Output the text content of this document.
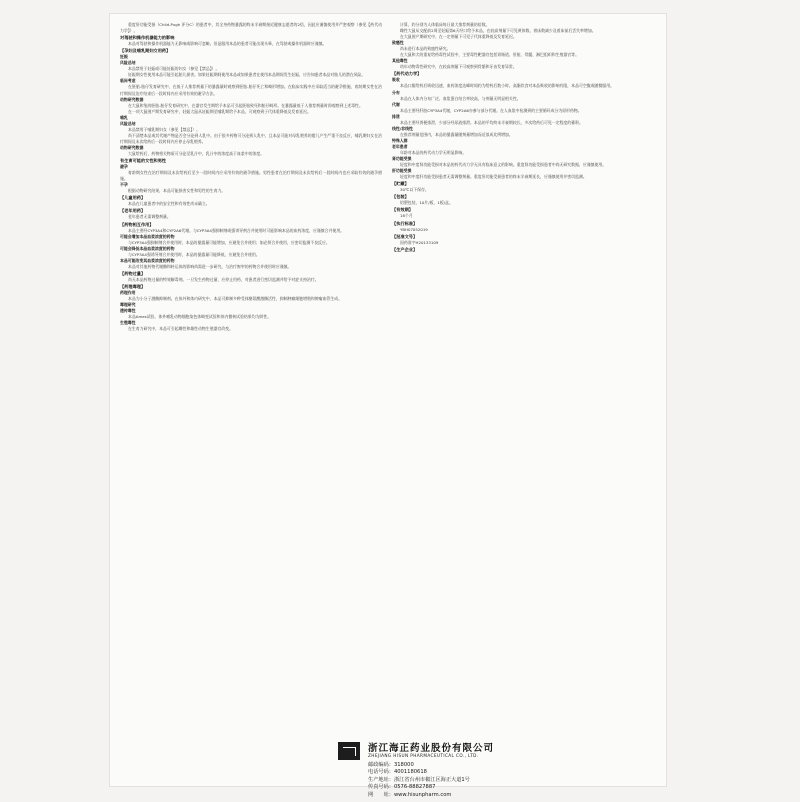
重度肝功能受损（Child-Pugh 评分C）的患者中，其全身药物暴露的终末半衰期接近健康志愿者的2倍，因此应谨慎使用并严密观察（参见【药代动力学】）。
对驾驶和操作机器能力的影响
本品对驾驶和操作机器能力无影响或影响可忽略。但是服用本品的患者可能出现头晕，在驾驶或操作机器时应谨慎。
【孕妇及哺乳期妇女用药】
妊娠
风险总结
本品禁用于妊娠或可能妊娠的妇女（参见【禁忌】）。
妊娠期女性使用本品可能引起胎儿损害。如果妊娠期间使用本品或如果患者在使用本品期间发生妊娠，应告知患者本品对胎儿的潜在风险。
临床考虑
在胚胎-胎仔发育研究中，在低于人推荐剂量下的暴露量时观察到胚胎-胎仔死亡和畸形增加。在临床实践中应采取适当的避孕措施，育龄期女性在治疗期间及治疗结束后一段时间内应采用有效的避孕方法。
动物研究数据
在大鼠和兔的胚胎-胎仔发育研究中，在器官发生期给予本品可引起胚胎致死和胎仔畸形。在暴露量低于人推荐剂量时即观察到上述毒性。
在一项大鼠围产期发育研究中，妊娠大鼠从妊娠期至哺乳期给予本品，可观察到子代体重降低及发育延迟。
哺乳
风险总结
本品禁用于哺乳期妇女（参见【禁忌】）。
尚不清楚本品或其代谢产物是否会分泌到人乳中。由于很多药物可分泌到人乳中，且本品可能对母乳喂养的婴儿产生严重不良反应，哺乳期妇女在治疗期间及末次给药后一段时间内应停止母乳喂养。
动物研究数据
大鼠给药后，药物相关物质可分泌至乳汁中，乳汁中的浓度高于血浆中的浓度。
有生育可能的女性和男性
避孕
育龄期女性在治疗期间及末次给药后至少一段时间内应采用有效的避孕措施。男性患者在治疗期间及末次给药后一段时间内也应采取有效的避孕措施。
不孕
根据动物研究结果，本品可能损害女性和男性的生育力。
【儿童用药】
本品在儿童患者中的安全性和有效性尚未确立。
【老年用药】
老年患者无需调整剂量。
【药物相互作用】
本品主要经CYP3A4和CYP2A6代谢。与CYP3A4强抑制剂或强诱导剂合并使用时可能影响本品的血药浓度，应谨慎合并使用。
可能会增加本品血浆浓度的药物
与CYP3A4强抑制剂合并使用时，本品的暴露量可能增加，应避免合并使用；如必须合并使用，应密切监测不良反应。
可能会降低本品血浆浓度的药物
与CYP3A4强诱导剂合并使用时，本品的暴露量可能降低，应避免合并使用。
本品可能改变其血浆浓度的药物
本品对其他药物代谢酶和转运体的影响尚需进一步研究，与治疗窗窄的药物合并使用时应谨慎。
【药物过量】
尚无本品药物过量的特效解毒剂。一旦发生药物过量，应停止用药，对患者进行密切监测并给予对症支持治疗。
【药理毒理】
药理作用
本品为小分子激酶抑制剂。在体外和体内研究中，本品可抑制多种受体酪氨酸激酶活性，抑制肿瘤细胞增殖和肿瘤血管生成。
毒理研究
遗传毒性
本品Ames试验、体外哺乳动物细胞染色体畸变试验和体内微核试验结果均为阴性。
生殖毒性
在生育力研究中，本品可引起雌性和雄性动物生殖器官改变。
计算，约分别为人体临床每日最大推荐剂量的倍数。
雌性大鼠从交配前2周至妊娠第6天经口给予本品，在较高剂量下可见黄体数、着床数减少及着床前后丢失率增加。
在大鼠围产期研究中，在一定剂量下可见子代体重降低及发育延迟。
致癌性
尚未进行本品的致癌性研究。
在大鼠和犬的重复给药毒性试验中，主要毒性靶器官包括胃肠道、肝脏、骨髓、淋巴组织和生殖器官等。
其他毒性
幼年动物毒性研究中，在较高剂量下可观察到骨骼和牙齿发育异常。
【药代动力学】
吸收
本品口服给药后吸收迅速，血药浓度达峰时间约为给药后数小时。高脂饮食对本品吸收的影响有限，本品可空腹或随餐服用。
分布
本品在人体内分布广泛，血浆蛋白结合率较高，与剂量无明显相关性。
代谢
本品主要经肝脏CYP3A4代谢，CYP2A6亦参与部分代谢。在人血浆中检测到的主要循环成分为原形药物。
排泄
本品主要经粪便排泄，少部分经尿液排泄。本品的平均终末半衰期较长，多次给药后可见一定程度的蓄积。
线性/非线性
在推荐剂量范围内，本品的暴露量随剂量增加而近似成比例增加。
特殊人群
老年患者
年龄对本品的药代动力学无明显影响。
肾功能受损
轻度和中度肾功能受损对本品的药代动力学无具有临床意义的影响。重度肾功能受损患者中尚无研究数据，应谨慎使用。
肝功能受损
轻度和中度肝功能受损患者无需调整剂量。重度肝功能受损患者的终末半衰期延长，应谨慎使用并密切监测。
【贮藏】
30℃以下保存。
【包装】
铝塑包装，10片/板，1板/盒。
【有效期】
18个月
【执行标准】
YBH07052019
【批准文号】
国药准字H20133109
【生产企业】
浙江海正药业股份有限公司
ZHEJIANG HISUN PHARMACEUTICAL CO., LTD.
邮政编码：318000
电话号码：4001180618
生产地址：浙江省台州市椒江区海正大道1号
传真号码：0576-88827887
网　　址：www.hisunpharm.com
